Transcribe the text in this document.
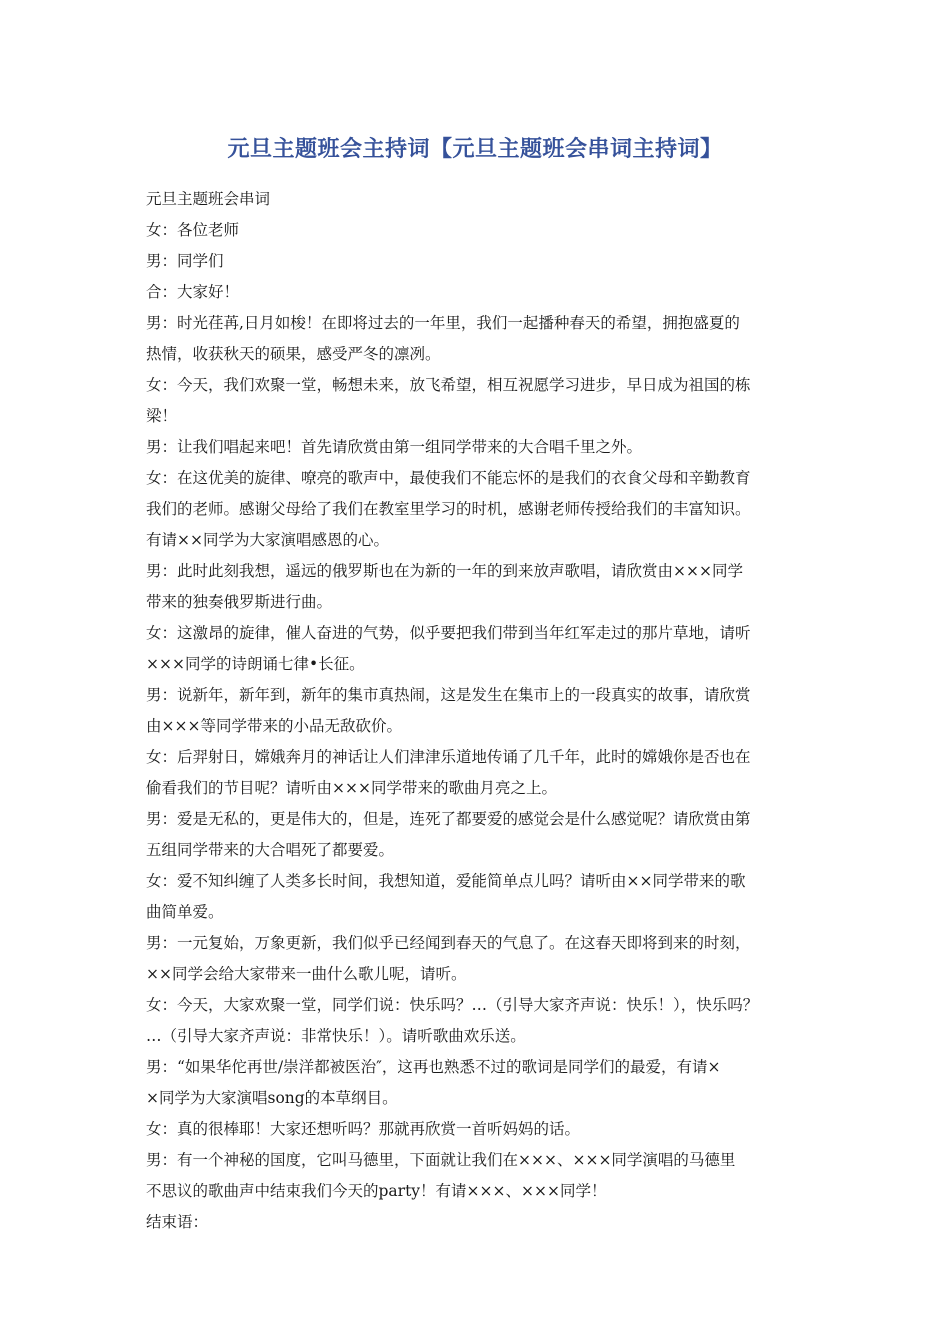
元旦主题班会主持词【元旦主题班会串词主持词】
元旦主题班会串词
女：各位老师
男：同学们
合：大家好！
男：时光荏苒,日月如梭！在即将过去的一年里，我们一起播种春天的希望，拥抱盛夏的
热情，收获秋天的硕果，感受严冬的凛冽。
女：今天，我们欢聚一堂，畅想未来，放飞希望，相互祝愿学习进步，早日成为祖国的栋
梁！
男：让我们唱起来吧！首先请欣赏由第一组同学带来的大合唱千里之外。
女：在这优美的旋律、嘹亮的歌声中，最使我们不能忘怀的是我们的衣食父母和辛勤教育
我们的老师。感谢父母给了我们在教室里学习的时机，感谢老师传授给我们的丰富知识。
有请××同学为大家演唱感恩的心。
男：此时此刻我想，遥远的俄罗斯也在为新的一年的到来放声歌唱，请欣赏由×××同学
带来的独奏俄罗斯进行曲。
女：这激昂的旋律，催人奋进的气势，似乎要把我们带到当年红军走过的那片草地，请听
×××同学的诗朗诵七律•长征。
男：说新年，新年到，新年的集市真热闹，这是发生在集市上的一段真实的故事，请欣赏
由×××等同学带来的小品无敌砍价。
女：后羿射日，嫦娥奔月的神话让人们津津乐道地传诵了几千年，此时的嫦娥你是否也在
偷看我们的节目呢？请听由×××同学带来的歌曲月亮之上。
男：爱是无私的，更是伟大的，但是，连死了都要爱的感觉会是什么感觉呢？请欣赏由第
五组同学带来的大合唱死了都要爱。
女：爱不知纠缠了人类多长时间，我想知道，爱能简单点儿吗？请听由××同学带来的歌
曲简单爱。
男：一元复始，万象更新，我们似乎已经闻到春天的气息了。在这春天即将到来的时刻，
××同学会给大家带来一曲什么歌儿呢，请听。
女：今天，大家欢聚一堂，同学们说：快乐吗？…（引导大家齐声说：快乐！），快乐吗？
…（引导大家齐声说：非常快乐！）。请听歌曲欢乐送。
男：“如果华佗再世/崇洋都被医治″，这再也熟悉不过的歌词是同学们的最爱，有请×
×同学为大家演唱song的本草纲目。
女：真的很棒耶！大家还想听吗？那就再欣赏一首听妈妈的话。
男：有一个神秘的国度，它叫马德里，下面就让我们在×××、×××同学演唱的马德里
不思议的歌曲声中结束我们今天的party！有请×××、×××同学！
结束语：
